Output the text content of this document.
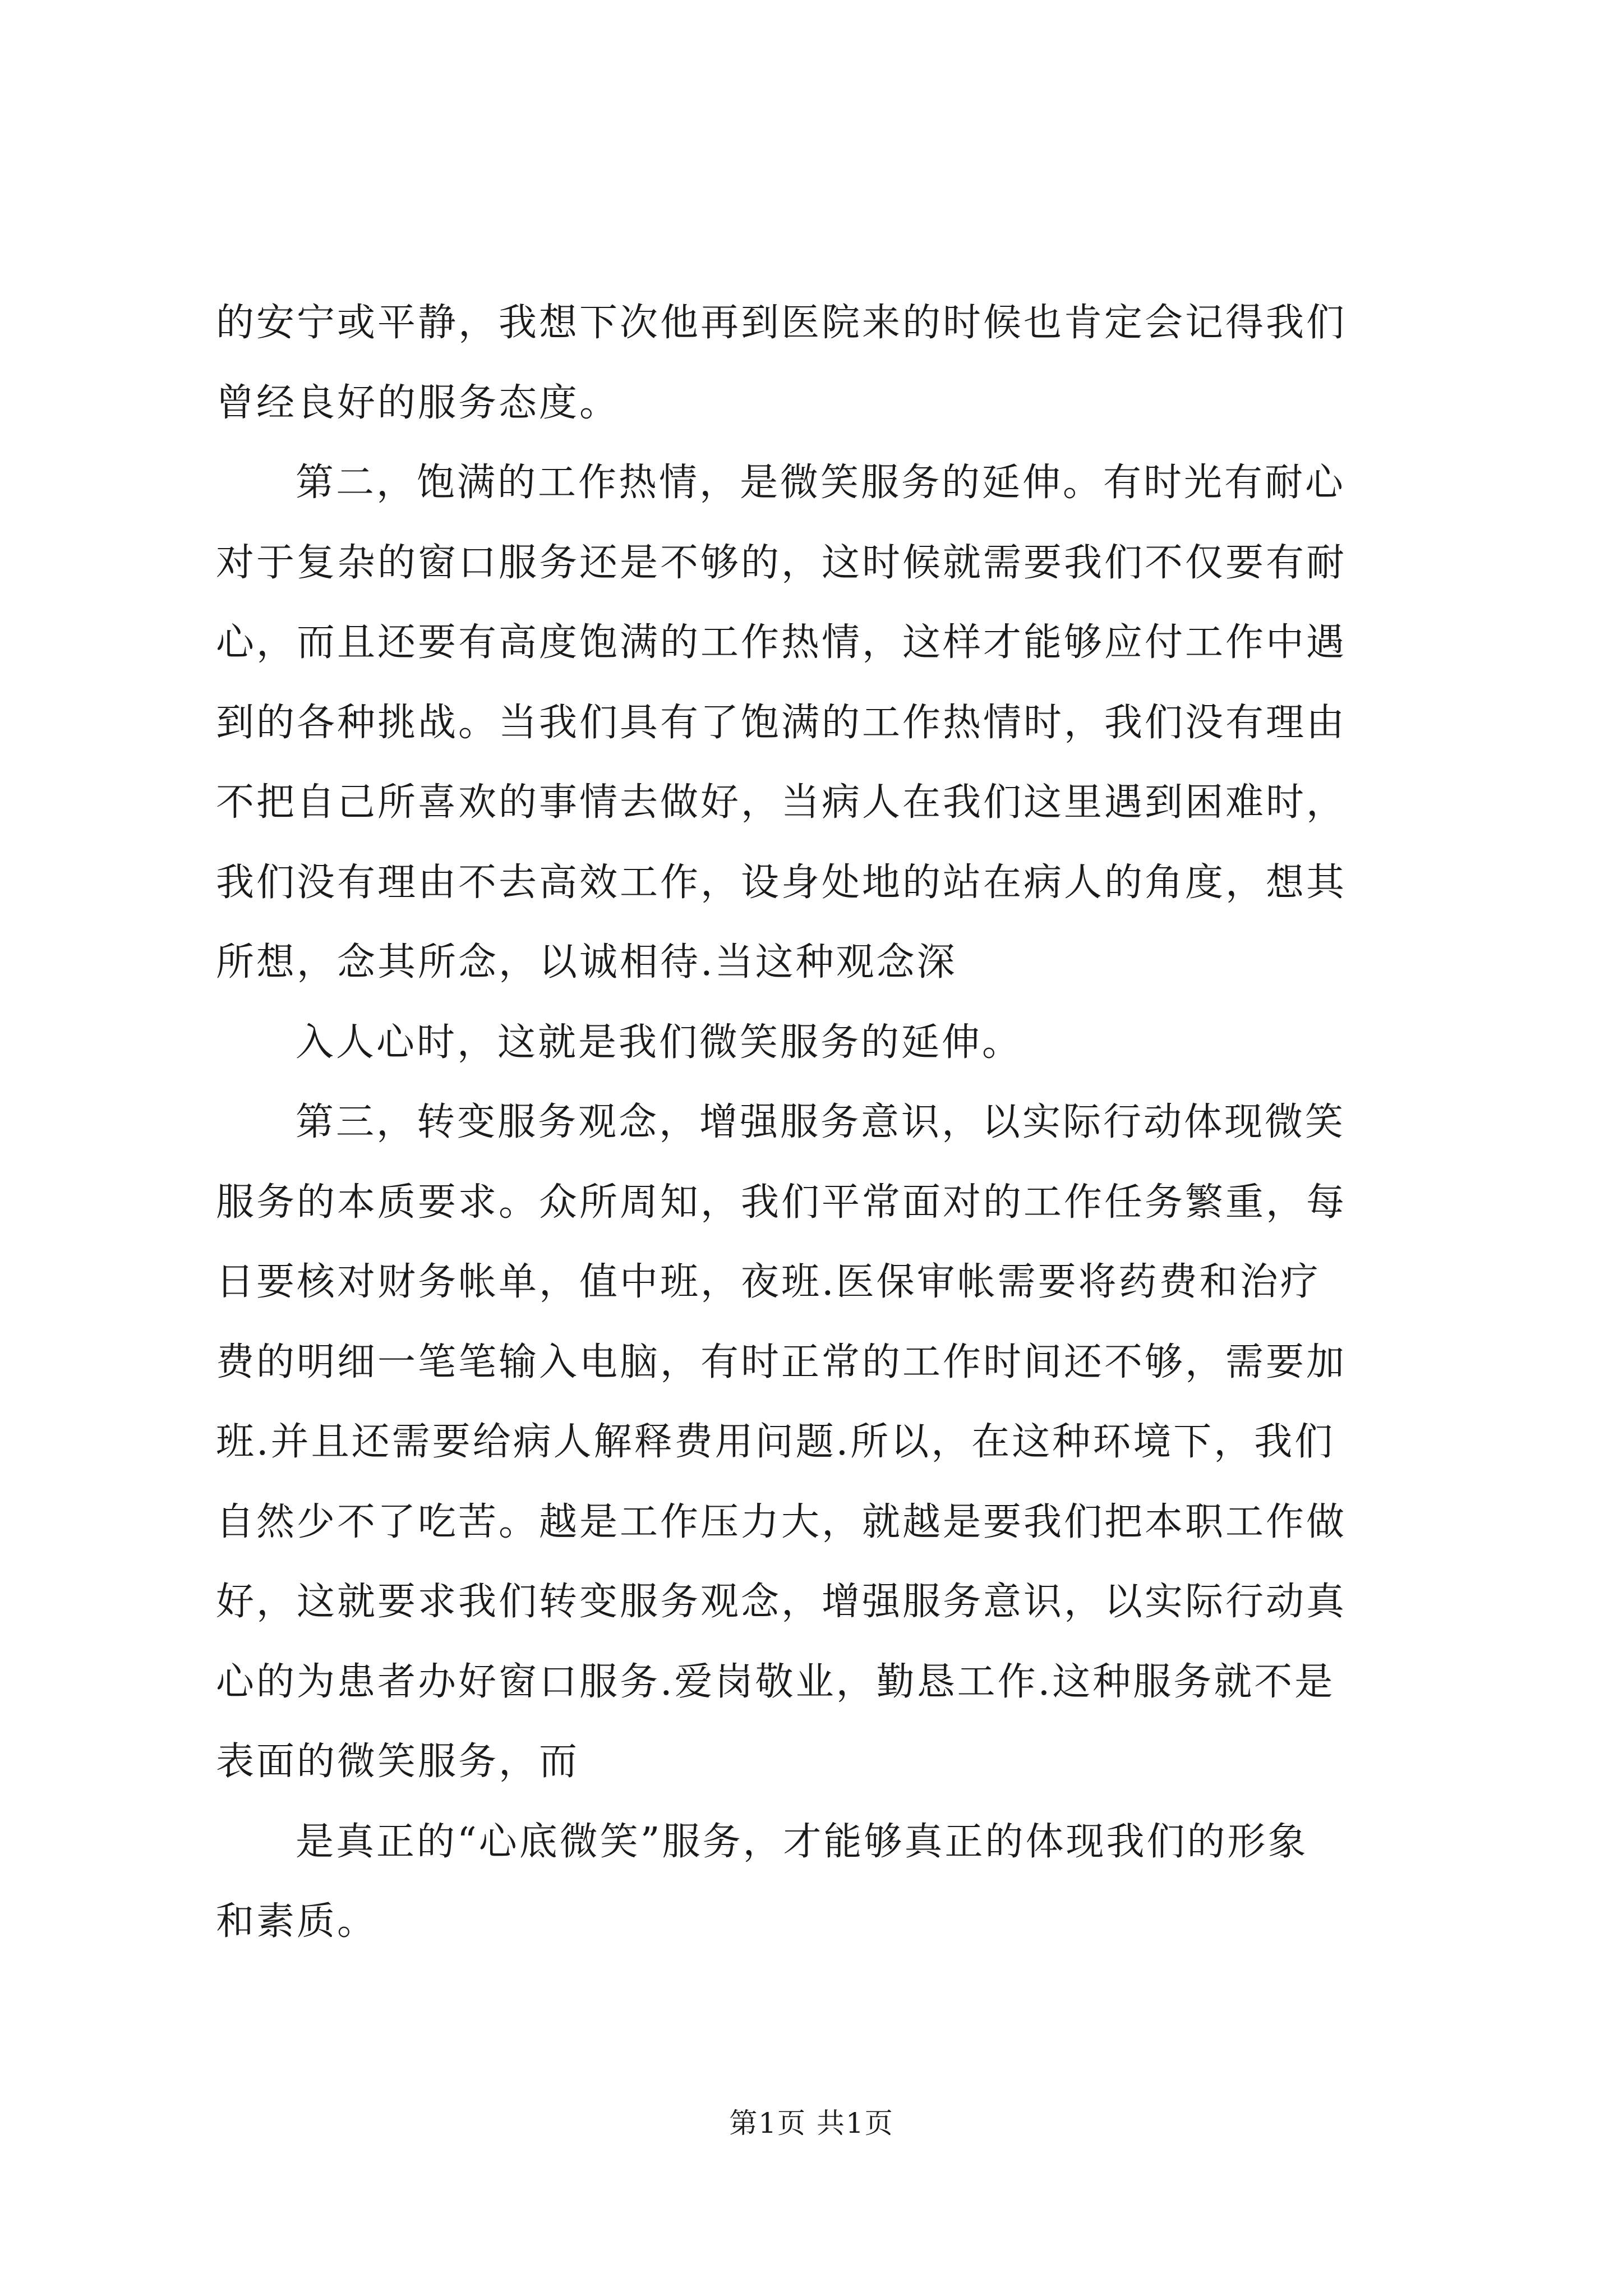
的安宁或平静，我想下次他再到医院来的时候也肯定会记得我们
曾经良好的服务态度。
第二，饱满的工作热情，是微笑服务的延伸。有时光有耐心
对于复杂的窗口服务还是不够的，这时候就需要我们不仅要有耐
心，而且还要有高度饱满的工作热情，这样才能够应付工作中遇
到的各种挑战。当我们具有了饱满的工作热情时，我们没有理由
不把自己所喜欢的事情去做好，当病人在我们这里遇到困难时，
我们没有理由不去高效工作，设身处地的站在病人的角度，想其
所想，念其所念，以诚相待.当这种观念深
入人心时，这就是我们微笑服务的延伸。
第三，转变服务观念，增强服务意识，以实际行动体现微笑
服务的本质要求。众所周知，我们平常面对的工作任务繁重，每
日要核对财务帐单，值中班，夜班.医保审帐需要将药费和治疗
费的明细一笔笔输入电脑，有时正常的工作时间还不够，需要加
班.并且还需要给病人解释费用问题.所以，在这种环境下，我们
自然少不了吃苦。越是工作压力大，就越是要我们把本职工作做
好，这就要求我们转变服务观念，增强服务意识，以实际行动真
心的为患者办好窗口服务.爱岗敬业，勤恳工作.这种服务就不是
表面的微笑服务，而
是真正的“心底微笑”服务，才能够真正的体现我们的形象
和素质。
第1页 共1页
